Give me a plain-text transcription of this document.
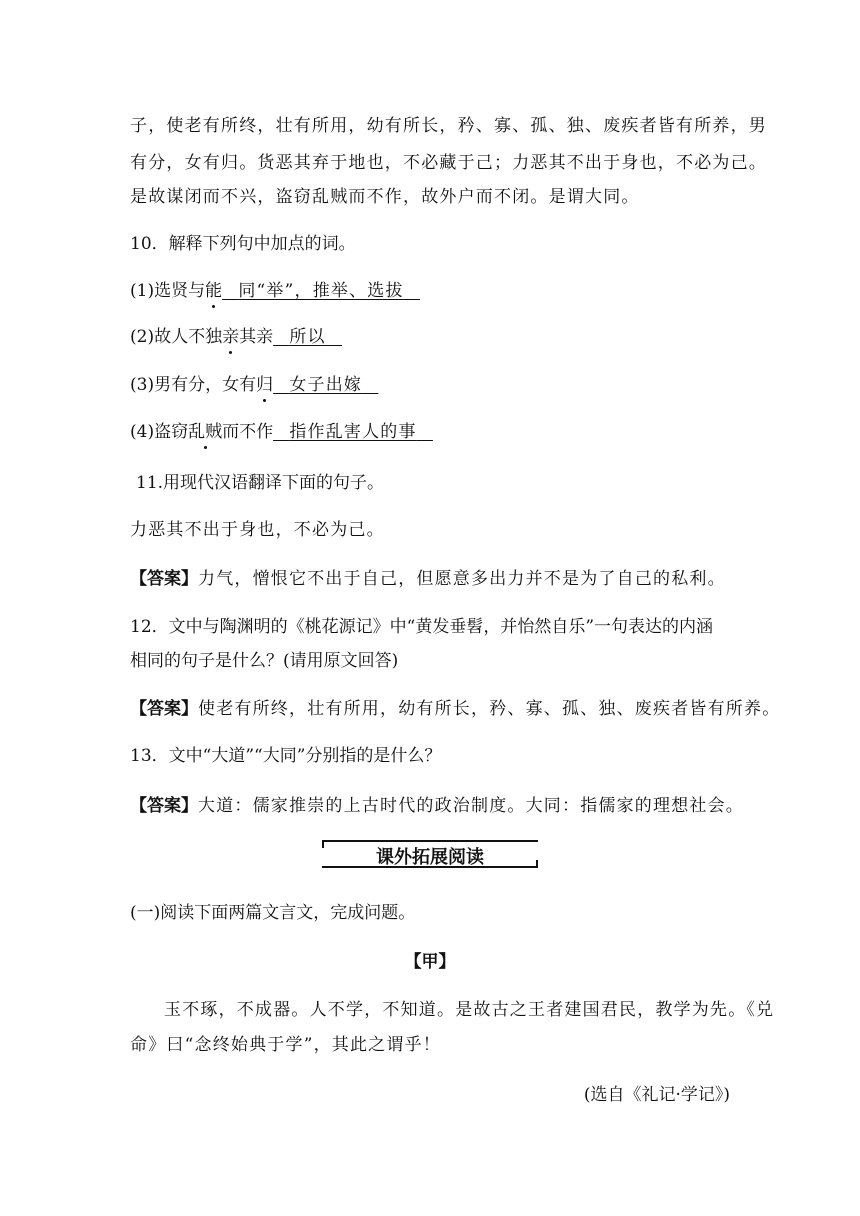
子，使老有所终，壮有所用，幼有所长，矜、寡、孤、独、废疾者皆有所养，男
有分，女有归。货恶其弃于地也，不必藏于己；力恶其不出于身也，不必为己。
是故谋闭而不兴，盗窃乱贼而不作，故外户而不闭。是谓大同。
10．解释下列句中加点的词。
(1)选贤与能 同“举”，推举、选拔
(2)故人不独亲其亲 所以
(3)男有分，女有归 女子出嫁
(4)盗窃乱贼而不作 指作乱害人的事
11.用现代汉语翻译下面的句子。
力恶其不出于身也，不必为己。
【答案】力气，憎恨它不出于自己，但愿意多出力并不是为了自己的私利。
12．文中与陶渊明的《桃花源记》中“黄发垂髫，并怡然自乐”一句表达的内涵
相同的句子是什么？(请用原文回答)
【答案】使老有所终，壮有所用，幼有所长，矜、寡、孤、独、废疾者皆有所养。
13．文中“大道”“大同”分别指的是什么？
【答案】大道：儒家推崇的上古时代的政治制度。大同：指儒家的理想社会。
课外拓展阅读
(一)阅读下面两篇文言文，完成问题。
【甲】
玉不琢，不成器。人不学，不知道。是故古之王者建国君民，教学为先。《兑
命》曰“念终始典于学”，其此之谓乎！
(选自《礼记·学记》)
